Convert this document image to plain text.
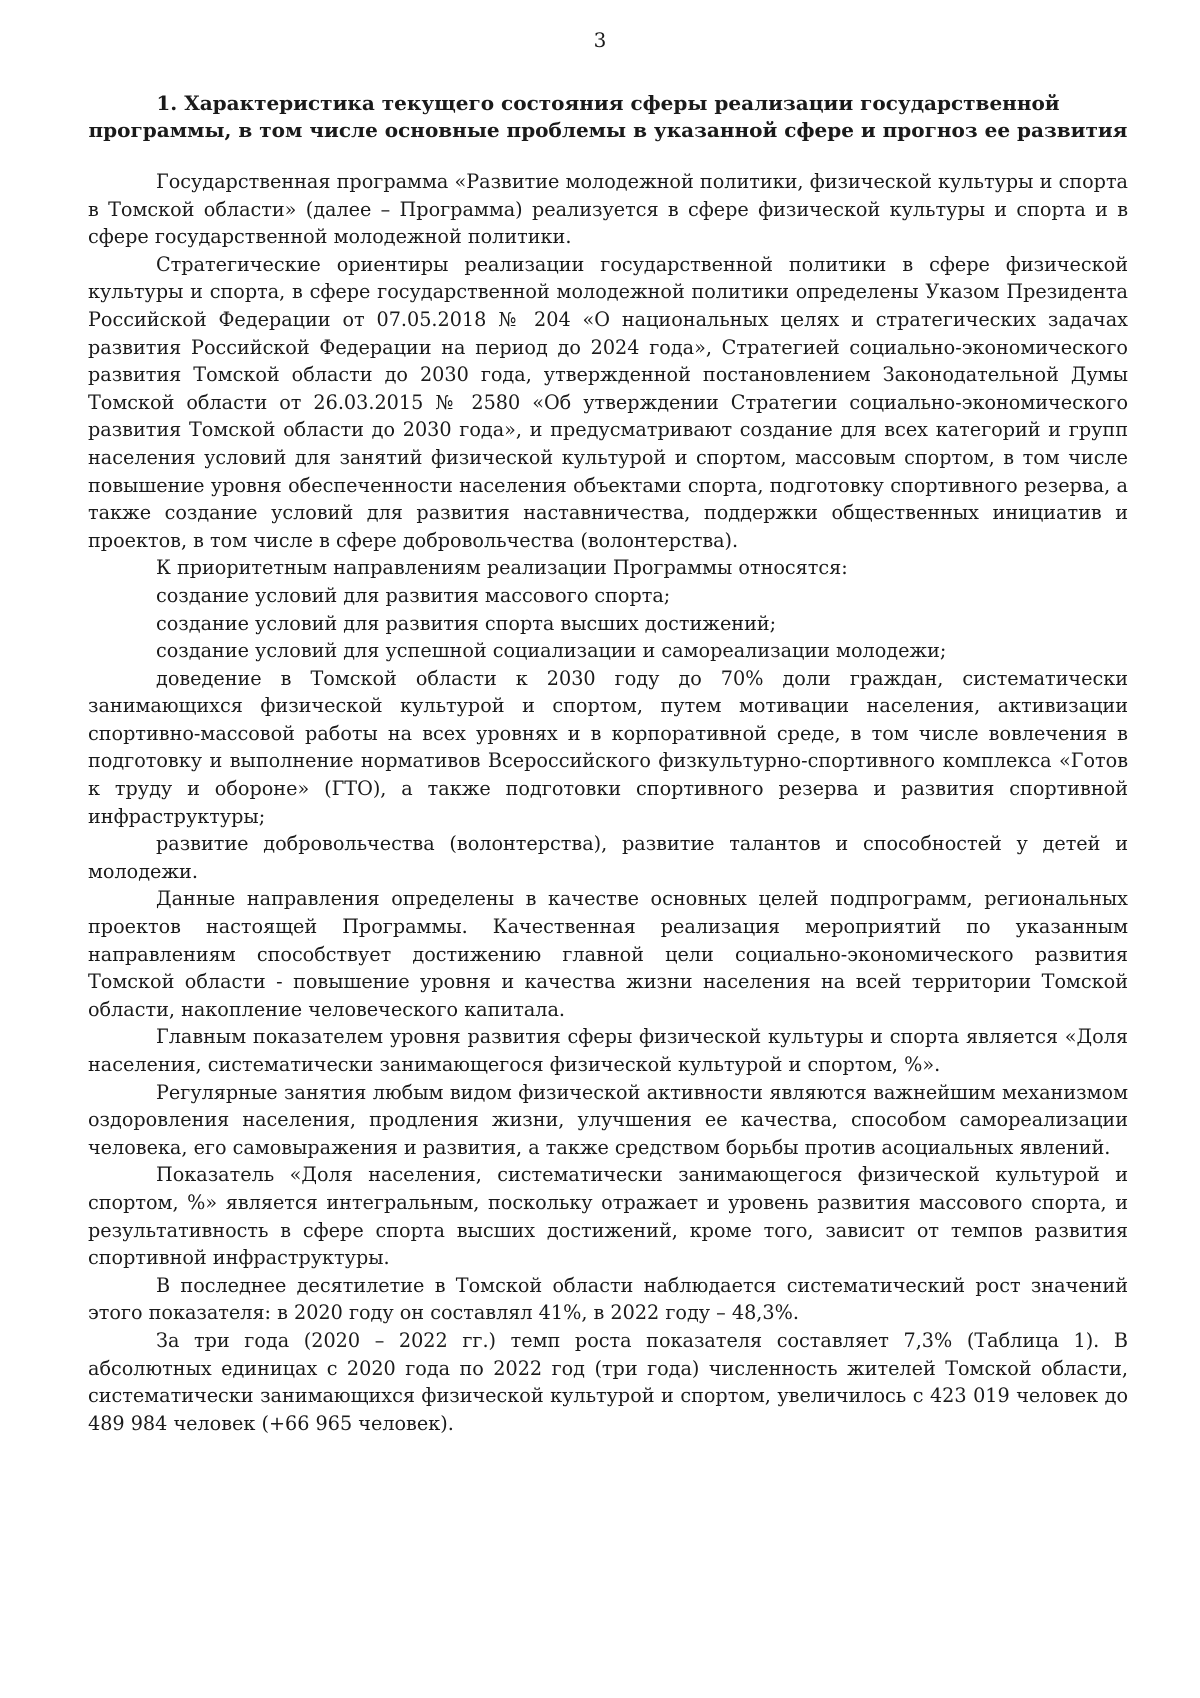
3
1. Характеристика текущего состояния сферы реализации государственной программы, в том числе основные проблемы в указанной сфере и прогноз ее развития

Государственная программа «Развитие молодежной политики, физической культуры и спорта в Томской области» (далее – Программа) реализуется в сфере физической культуры и спорта и в сфере государственной молодежной политики.

Стратегические ориентиры реализации государственной политики в сфере физической культуры и спорта, в сфере государственной молодежной политики определены Указом Президента Российской Федерации от 07.05.2018 № 204 «О национальных целях и стратегических задачах развития Российской Федерации на период до 2024 года», Стратегией социально-экономического развития Томской области до 2030 года, утвержденной постановлением Законодательной Думы Томской области от 26.03.2015 № 2580 «Об утверждении Стратегии социально-экономического развития Томской области до 2030 года», и предусматривают создание для всех категорий и групп населения условий для занятий физической культурой и спортом, массовым спортом, в том числе повышение уровня обеспеченности населения объектами спорта, подготовку спортивного резерва, а также создание условий для развития наставничества, поддержки общественных инициатив и проектов, в том числе в сфере добровольчества (волонтерства).

К приоритетным направлениям реализации Программы относятся:

создание условий для развития массового спорта;

создание условий для развития спорта высших достижений;

создание условий для успешной социализации и самореализации молодежи;

доведение в Томской области к 2030 году до 70% доли граждан, систематически занимающихся физической культурой и спортом, путем мотивации населения, активизации спортивно-массовой работы на всех уровнях и в корпоративной среде, в том числе вовлечения в подготовку и выполнение нормативов Всероссийского физкультурно-спортивного комплекса «Готов к труду и обороне» (ГТО), а также подготовки спортивного резерва и развития спортивной инфраструктуры;

развитие добровольчества (волонтерства), развитие талантов и способностей у детей и молодежи.

Данные направления определены в качестве основных целей подпрограмм, региональных проектов настоящей Программы. Качественная реализация мероприятий по указанным направлениям способствует достижению главной цели социально-экономического развития Томской области - повышение уровня и качества жизни населения на всей территории Томской области, накопление человеческого капитала.

Главным показателем уровня развития сферы физической культуры и спорта является «Доля населения, систематически занимающегося физической культурой и спортом, %».

Регулярные занятия любым видом физической активности являются важнейшим механизмом оздоровления населения, продления жизни, улучшения ее качества, способом самореализации человека, его самовыражения и развития, а также средством борьбы против асоциальных явлений.

Показатель «Доля населения, систематически занимающегося физической культурой и спортом, %» является интегральным, поскольку отражает и уровень развития массового спорта, и результативность в сфере спорта высших достижений, кроме того, зависит от темпов развития спортивной инфраструктуры.

В последнее десятилетие в Томской области наблюдается систематический рост значений этого показателя: в 2020 году он составлял 41%, в 2022 году – 48,3%.

За три года (2020 – 2022 гг.) темп роста показателя составляет 7,3% (Таблица 1). В абсолютных единицах с 2020 года по 2022 год (три года) численность жителей Томской области, систематически занимающихся физической культурой и спортом, увеличилось с 423 019 человек до 489 984 человек (+66 965 человек).
